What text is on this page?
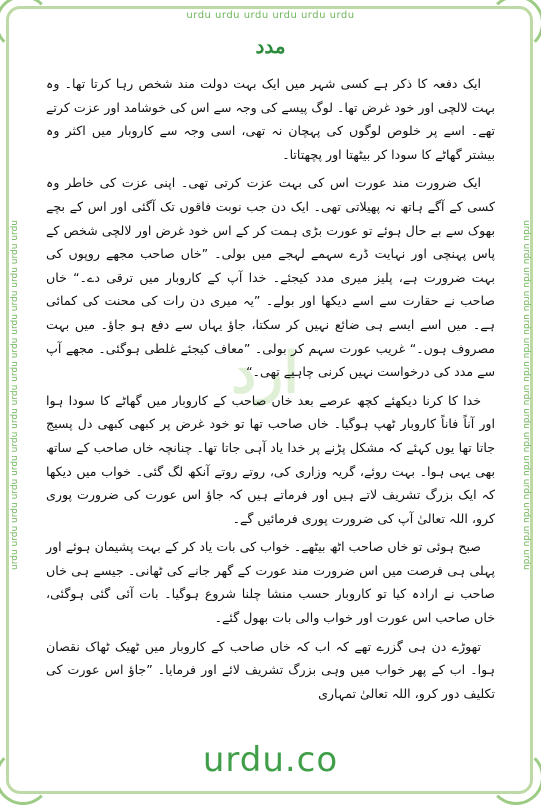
urdu urdu urdu urdu urdu urdu
urdu urdu urdu urdu urdu urdu urdu urdu urdu urdu urdu urdu urdu urdu urdu	urdu urdu urdu urdu urdu urdu urdu urdu urdu urdu urdu urdu urdu urdu urdu
مدد
ارد

ایک دفعہ کا ذکر ہے کسی شہر میں ایک بہت دولت مند شخص رہا کرتا تھا۔ وہ بہت لالچی اور خود غرض تھا۔ لوگ پیسے کی وجہ سے اس کی خوشامد اور عزت کرتے تھے۔ اسے پر خلوص لوگوں کی پہچان نہ تھی، اسی وجہ سے کاروبار میں اکثر وہ بیشتر گھاٹے کا سودا کر بیٹھتا اور پچھتاتا۔

ایک ضرورت مند عورت اس کی بہت عزت کرتی تھی۔ اپنی عزت کی خاطر وہ کسی کے آگے ہاتھ نہ پھیلاتی تھی۔ ایک دن جب نوبت فاقوں تک آگئی اور اس کے بچے بھوک سے بے حال ہوئے تو عورت بڑی ہمت کر کے اس خود غرض اور لالچی شخص کے پاس پہنچی اور نہایت ڈرے سہمے لہجے میں بولی۔ ”خاں صاحب مجھے روپوں کی بہت ضرورت ہے، پلیز میری مدد کیجئے۔ خدا آپ کے کاروبار میں ترقی دے۔“ خاں صاحب نے حقارت سے اسے دیکھا اور بولے۔ ”یہ میری دن رات کی محنت کی کمائی ہے۔ میں اسے ایسے ہی ضائع نہیں کر سکتا، جاؤ یہاں سے دفع ہو جاؤ۔ میں بہت مصروف ہوں۔“ غریب عورت سہم کر بولی۔ ”معاف کیجئے غلطی ہوگئی۔ مجھے آپ سے مدد کی درخواست نہیں کرنی چاہیے تھی۔“

خدا کا کرنا دیکھئے کچھ عرصے بعد خاں صاحب کے کاروبار میں گھاٹے کا سودا ہوا اور آناً فاناً کاروبار ٹھپ ہوگیا۔ خاں صاحب تھا تو خود غرض پر کبھی کبھی دل پسیج جاتا تھا یوں کہئے کہ مشکل پڑنے پر خدا یاد آہی جاتا تھا۔ چنانچہ خاں صاحب کے ساتھ بھی یہی ہوا۔ بہت روئے، گریہ وزاری کی، روتے روتے آنکھ لگ گئی۔ خواب میں دیکھا کہ ایک بزرگ تشریف لاتے ہیں اور فرماتے ہیں کہ جاؤ اس عورت کی ضرورت پوری کرو، اللہ تعالیٰ آپ کی ضرورت پوری فرمائیں گے۔

صبح ہوئی تو خاں صاحب اٹھ بیٹھے۔ خواب کی بات یاد کر کے بہت پشیمان ہوئے اور پہلی ہی فرصت میں اس ضرورت مند عورت کے گھر جانے کی ٹھانی۔ جیسے ہی خاں صاحب نے ارادہ کیا تو کاروبار حسب منشا چلنا شروع ہوگیا۔ بات آئی گئی ہوگئی، خاں صاحب اس عورت اور خواب والی بات بھول گئے۔

تھوڑے دن ہی گزرے تھے کہ اب کہ خاں صاحب کے کاروبار میں ٹھیک ٹھاک نقصان ہوا۔ اب کے پھر خواب میں وہی بزرگ تشریف لائے اور فرمایا۔ ”جاؤ اس عورت کی تکلیف دور کرو، اللہ تعالیٰ تمہاری

urdu.co
